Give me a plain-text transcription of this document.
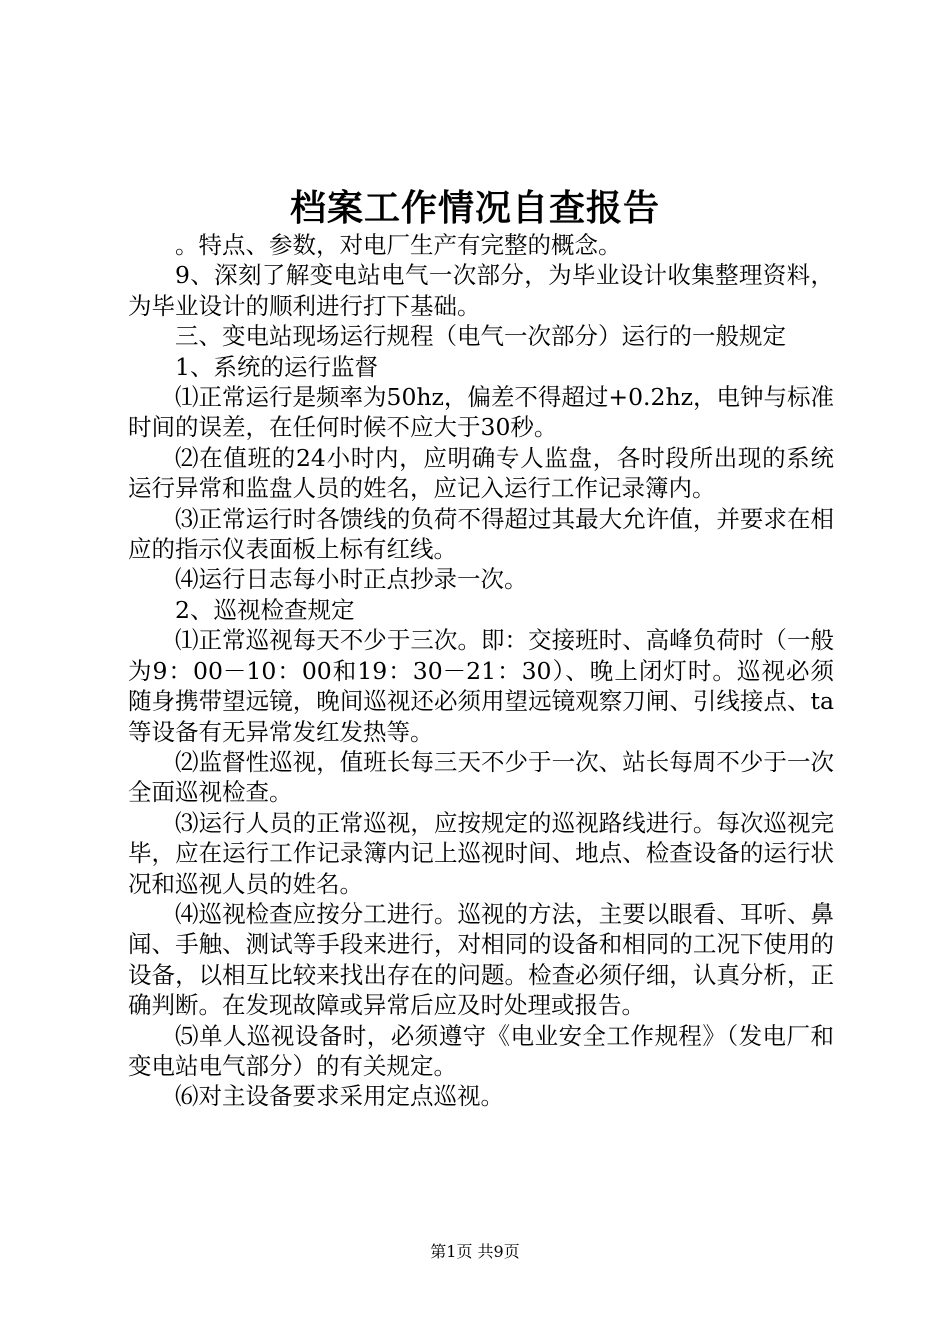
档案工作情况自查报告

。特点、参数，对电厂生产有完整的概念。

9、深刻了解变电站电气一次部分，为毕业设计收集整理资料，为毕业设计的顺利进行打下基础。

三、变电站现场运行规程（电气一次部分）运行的一般规定

1、系统的运行监督

⑴正常运行是频率为50hz，偏差不得超过+0.2hz，电钟与标准时间的误差，在任何时候不应大于30秒。

⑵在值班的24小时内，应明确专人监盘，各时段所出现的系统运行异常和监盘人员的姓名，应记入运行工作记录簿内。

⑶正常运行时各馈线的负荷不得超过其最大允许值，并要求在相应的指示仪表面板上标有红线。

⑷运行日志每小时正点抄录一次。

2、巡视检查规定

⑴正常巡视每天不少于三次。即：交接班时、高峰负荷时（一般为9：00－10：00和19：30－21：30）、晚上闭灯时。巡视必须随身携带望远镜，晚间巡视还必须用望远镜观察刀闸、引线接点、ta等设备有无异常发红发热等。

⑵监督性巡视，值班长每三天不少于一次、站长每周不少于一次全面巡视检查。

⑶运行人员的正常巡视，应按规定的巡视路线进行。每次巡视完毕，应在运行工作记录簿内记上巡视时间、地点、检查设备的运行状况和巡视人员的姓名。

⑷巡视检查应按分工进行。巡视的方法，主要以眼看、耳听、鼻闻、手触、测试等手段来进行，对相同的设备和相同的工况下使用的设备，以相互比较来找出存在的问题。检查必须仔细，认真分析，正确判断。在发现故障或异常后应及时处理或报告。

⑸单人巡视设备时，必须遵守《电业安全工作规程》（发电厂和变电站电气部分）的有关规定。

⑹对主设备要求采用定点巡视。

第1页 共9页
